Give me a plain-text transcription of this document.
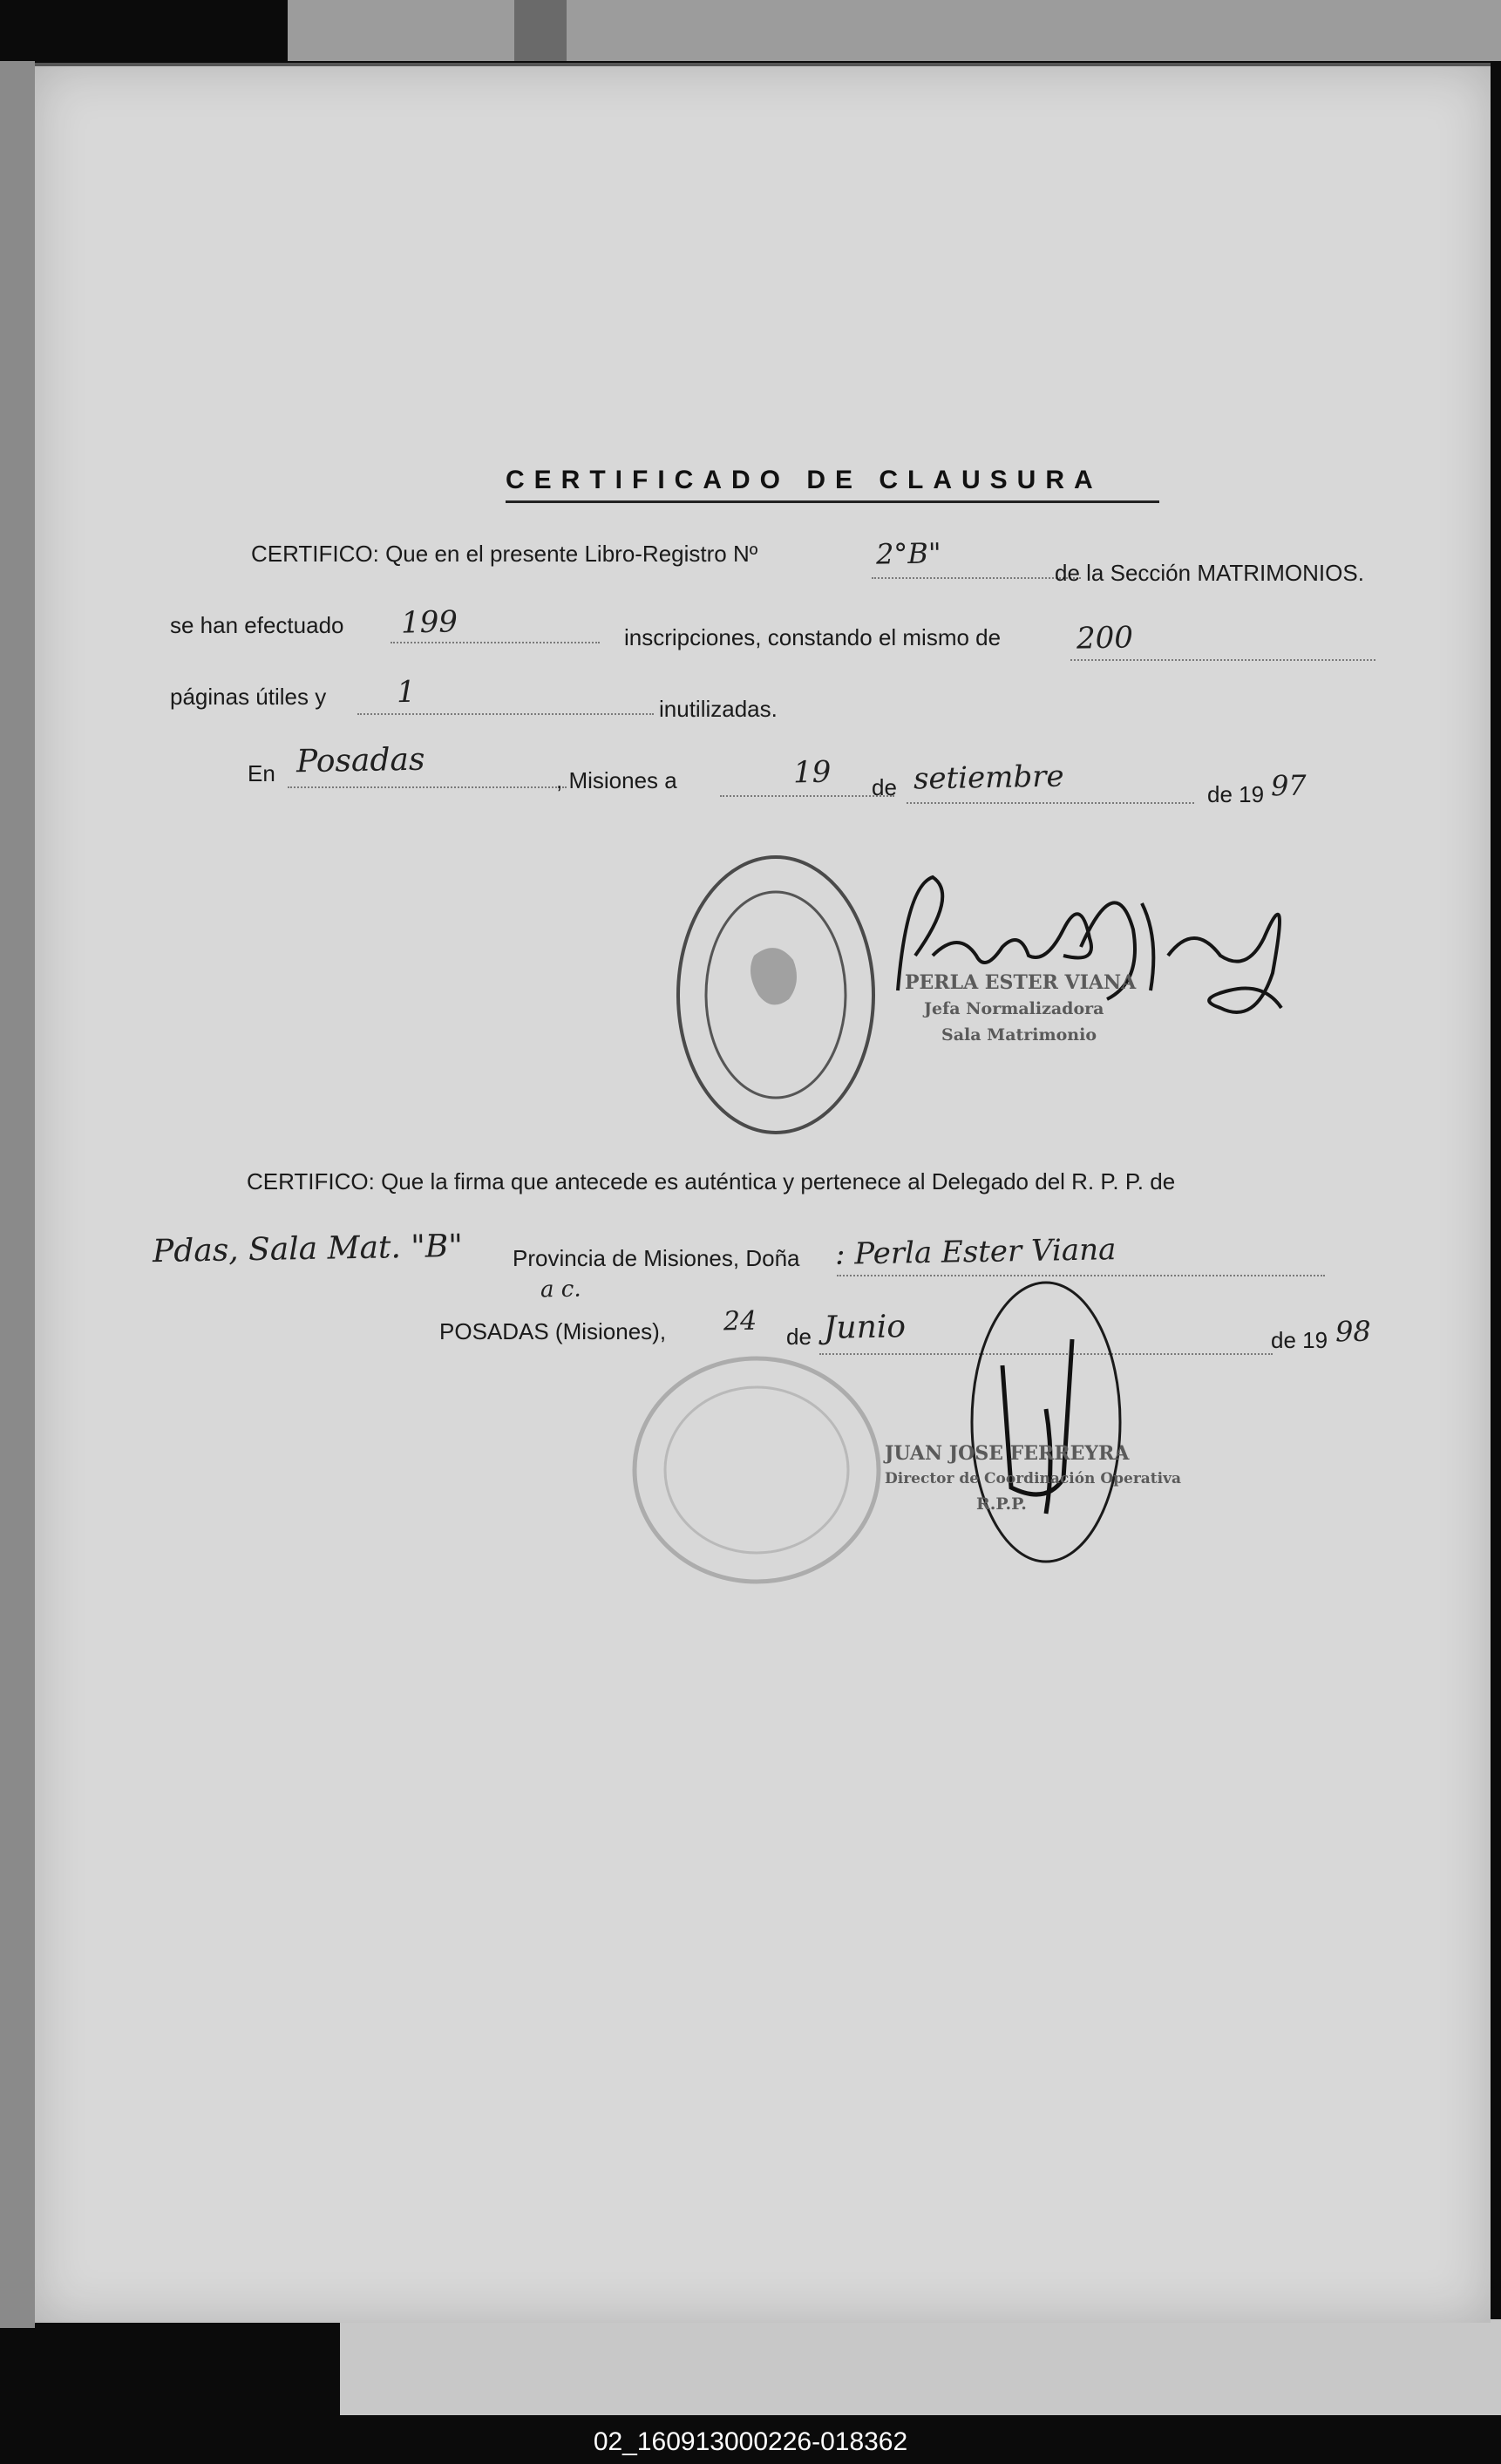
CERTIFICADO DE CLAUSURA
CERTIFICO: Que en el presente Libro-Registro Nº	2°B"
de la Sección MATRIMONIOS.
se han efectuado 199	inscripciones, constando el mismo de	200
páginas útiles y 1	inutilizadas.
En Posadas
, Misiones a	19 de setiembre	de 19 97
PERLA ESTER VIANA
Jefa Normalizadora
Sala Matrimonio
CERTIFICO: Que la firma que antecede es auténtica y pertenece al Delegado del R. P. P. de
Pdas, Sala Mat. "B" Provincia de Misiones, Doña : Perla Ester Viana
a c.
POSADAS (Misiones), 24 de Junio	de 19 98
JUAN JOSE FERREYRA
Director de Coordinación Operativa
R.P.P.
02_160913000226-018362
